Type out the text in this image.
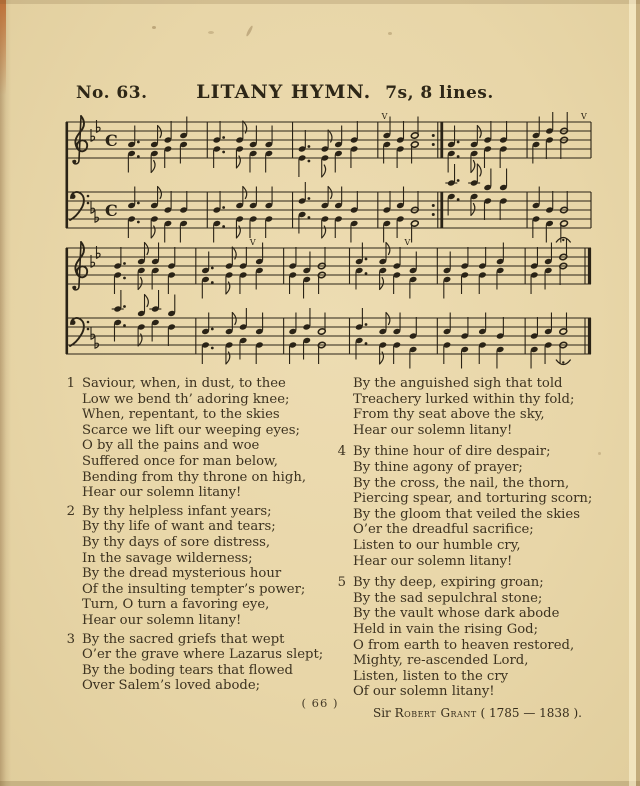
No. 63.	LITANY HYMN. 7s, 8 lines.
C
C
V	V
V	V
1 Saviour, when, in dust, to thee
Low we bend th’ adoring knee;
When, repentant, to the skies
Scarce we lift our weeping eyes;
O by all the pains and woe
Suffered once for man below,
Bending from thy throne on high,
Hear our solemn litany!
2 By thy helpless infant years;
By thy life of want and tears;
By thy days of sore distress,
In the savage wilderness;
By the dread mysterious hour
Of the insulting tempter’s power;
Turn, O turn a favoring eye,
Hear our solemn litany!
3 By the sacred griefs that wept
O’er the grave where Lazarus slept;
By the boding tears that flowed
Over Salem’s loved abode;
By the anguished sigh that told
Treachery lurked within thy fold;
From thy seat above the sky,
Hear our solemn litany!
4 By thine hour of dire despair;
By thine agony of prayer;
By the cross, the nail, the thorn,
Piercing spear, and torturing scorn;
By the gloom that veiled the skies
O’er the dreadful sacrifice;
Listen to our humble cry,
Hear our solemn litany!
5 By thy deep, expiring groan;
By the sad sepulchral stone;
By the vault whose dark abode
Held in vain the rising God;
O from earth to heaven restored,
Mighty, re-ascended Lord,
Listen, listen to the cry
Of our solemn litany!
Sir Robert Grant ( 1785 — 1838 ).
( 66 )
